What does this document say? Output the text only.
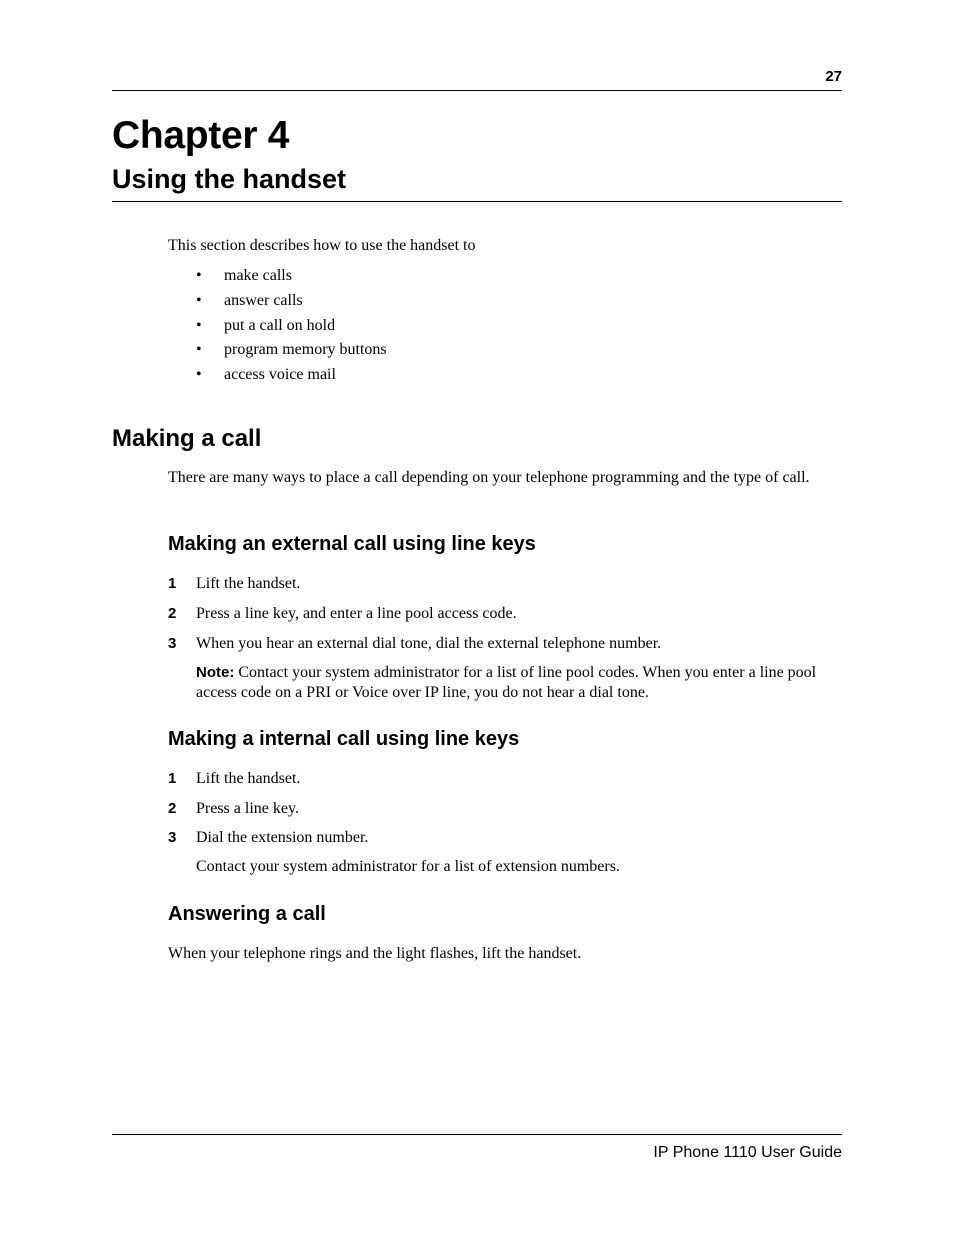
27
Chapter 4
Using the handset
This section describes how to use the handset to
•	make calls
•	answer calls
•	put a call on hold
•	program memory buttons
•	access voice mail
Making a call
There are many ways to place a call depending on your telephone programming and the type of call.
Making an external call using line keys
1	Lift the handset.
2	Press a line key, and enter a line pool access code.
3	When you hear an external dial tone, dial the external telephone number.
Note: Contact your system administrator for a list of line pool codes. When you enter a line pool access code on a PRI or Voice over IP line, you do not hear a dial tone.
Making a internal call using line keys
1	Lift the handset.
2	Press a line key.
3	Dial the extension number.
Contact your system administrator for a list of extension numbers.
Answering a call
When your telephone rings and the light flashes, lift the handset.
IP Phone 1110 User Guide
